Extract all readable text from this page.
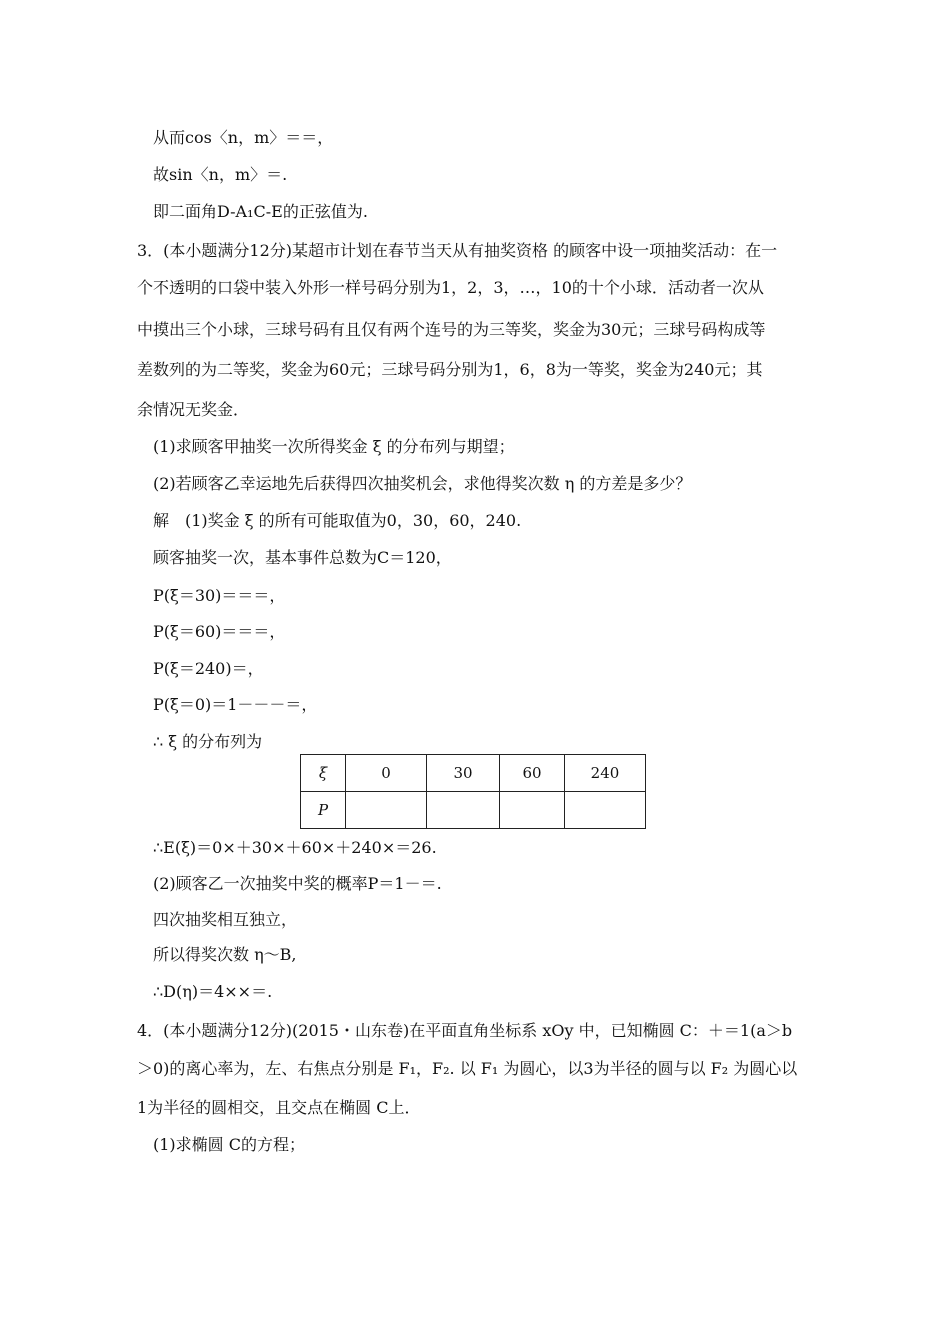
从而cos〈n，m〉＝＝，
故sin〈n，m〉＝.
即二面角D-A₁C-E的正弦值为.
3．(本小题满分12分)某超市计划在春节当天从有抽奖资格 的顾客中设一项抽奖活动：在一
个不透明的口袋中装入外形一样号码分别为1，2，3，…，10的十个小球．活动者一次从
中摸出三个小球，三球号码有且仅有两个连号的为三等奖，奖金为30元；三球号码构成等
差数列的为二等奖，奖金为60元；三球号码分别为1，6，8为一等奖，奖金为240元；其
余情况无奖金．
(1)求顾客甲抽奖一次所得奖金 ξ 的分布列与期望；
(2)若顾客乙幸运地先后获得四次抽奖机会，求他得奖次数 η 的方差是多少？
解　(1)奖金 ξ 的所有可能取值为0，30，60，240.
顾客抽奖一次，基本事件总数为C＝120，
P(ξ＝30)＝＝＝，
P(ξ＝60)＝＝＝，
P(ξ＝240)＝，
P(ξ＝0)＝1－－－＝，
∴ ξ 的分布列为
ξ	0	30	60	240
P				
∴E(ξ)＝0×＋30×＋60×＋240×＝26.
(2)顾客乙一次抽奖中奖的概率P＝1－＝.
四次抽奖相互独立，
所以得奖次数 η～B,
∴D(η)＝4××＝.
4．(本小题满分12分)(2015・山东卷)在平面直角坐标系 xOy 中，已知椭圆 C：＋＝1(a＞b
＞0)的离心率为，左、右焦点分别是 F₁，F₂. 以 F₁ 为圆心，以3为半径的圆与以 F₂ 为圆心以
1为半径的圆相交，且交点在椭圆 C上．
(1)求椭圆 C的方程；
